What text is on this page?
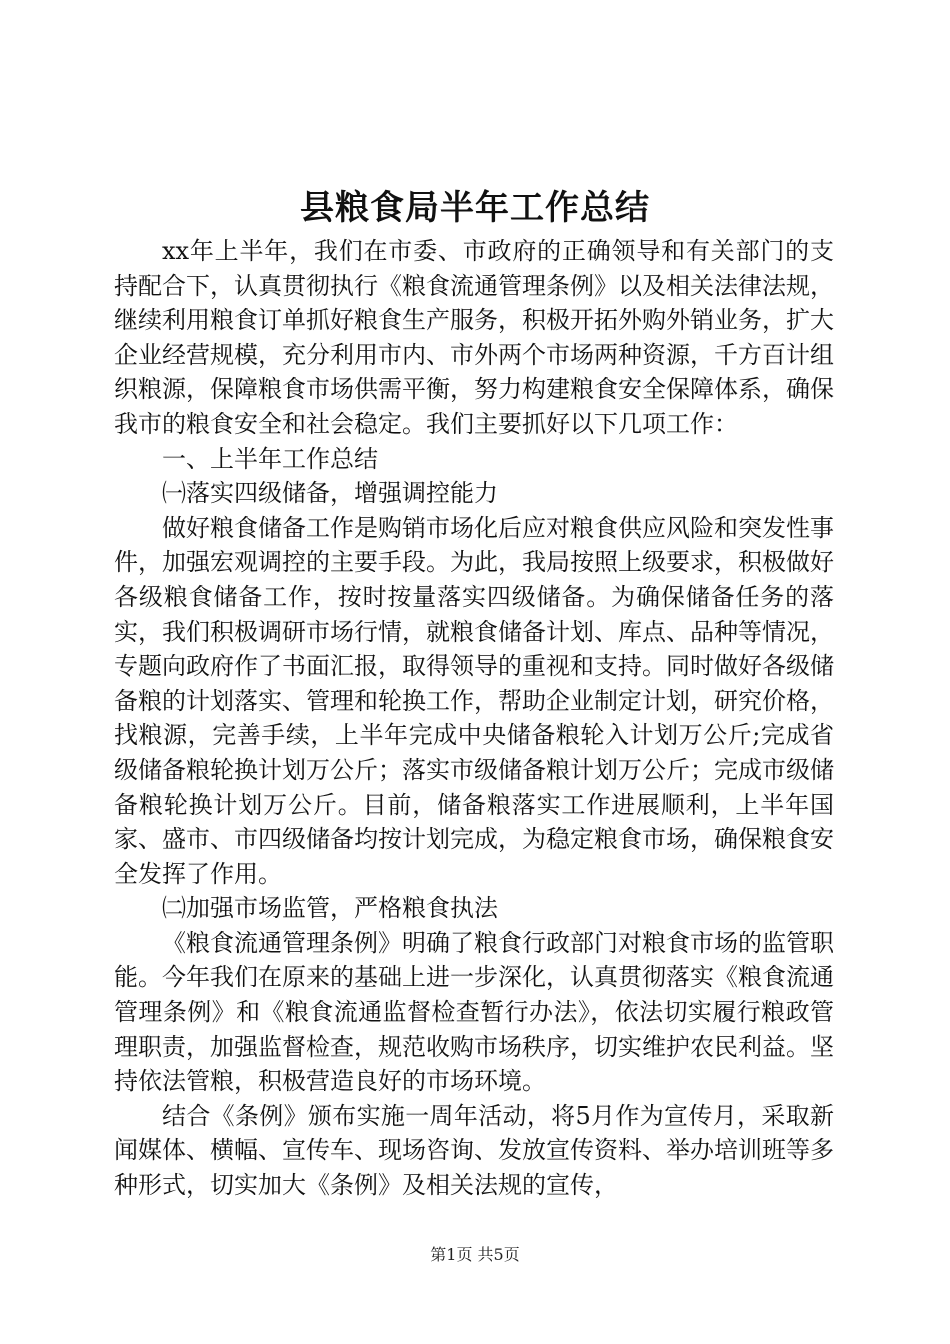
县粮食局半年工作总结

xx年上半年，我们在市委、市政府的正确领导和有关部门的支持配合下，认真贯彻执行《粮食流通管理条例》以及相关法律法规，继续利用粮食订单抓好粮食生产服务，积极开拓外购外销业务，扩大企业经营规模，充分利用市内、市外两个市场两种资源，千方百计组织粮源，保障粮食市场供需平衡，努力构建粮食安全保障体系，确保我市的粮食安全和社会稳定。我们主要抓好以下几项工作：

一、上半年工作总结

㈠落实四级储备，增强调控能力

做好粮食储备工作是购销市场化后应对粮食供应风险和突发性事件，加强宏观调控的主要手段。为此，我局按照上级要求，积极做好各级粮食储备工作，按时按量落实四级储备。为确保储备任务的落实，我们积极调研市场行情，就粮食储备计划、库点、品种等情况，专题向政府作了书面汇报，取得领导的重视和支持。同时做好各级储备粮的计划落实、管理和轮换工作，帮助企业制定计划，研究价格，找粮源，完善手续，上半年完成中央储备粮轮入计划万公斤;完成省级储备粮轮换计划万公斤；落实市级储备粮计划万公斤；完成市级储备粮轮换计划万公斤。目前，储备粮落实工作进展顺利，上半年国家、盛市、市四级储备均按计划完成，为稳定粮食市场，确保粮食安全发挥了作用。

㈡加强市场监管，严格粮食执法

《粮食流通管理条例》明确了粮食行政部门对粮食市场的监管职能。今年我们在原来的基础上进一步深化，认真贯彻落实《粮食流通管理条例》和《粮食流通监督检查暂行办法》，依法切实履行粮政管理职责，加强监督检查，规范收购市场秩序，切实维护农民利益。坚持依法管粮，积极营造良好的市场环境。

结合《条例》颁布实施一周年活动，将5月作为宣传月，采取新闻媒体、横幅、宣传车、现场咨询、发放宣传资料、举办培训班等多种形式，切实加大《条例》及相关法规的宣传，

第1页 共5页
